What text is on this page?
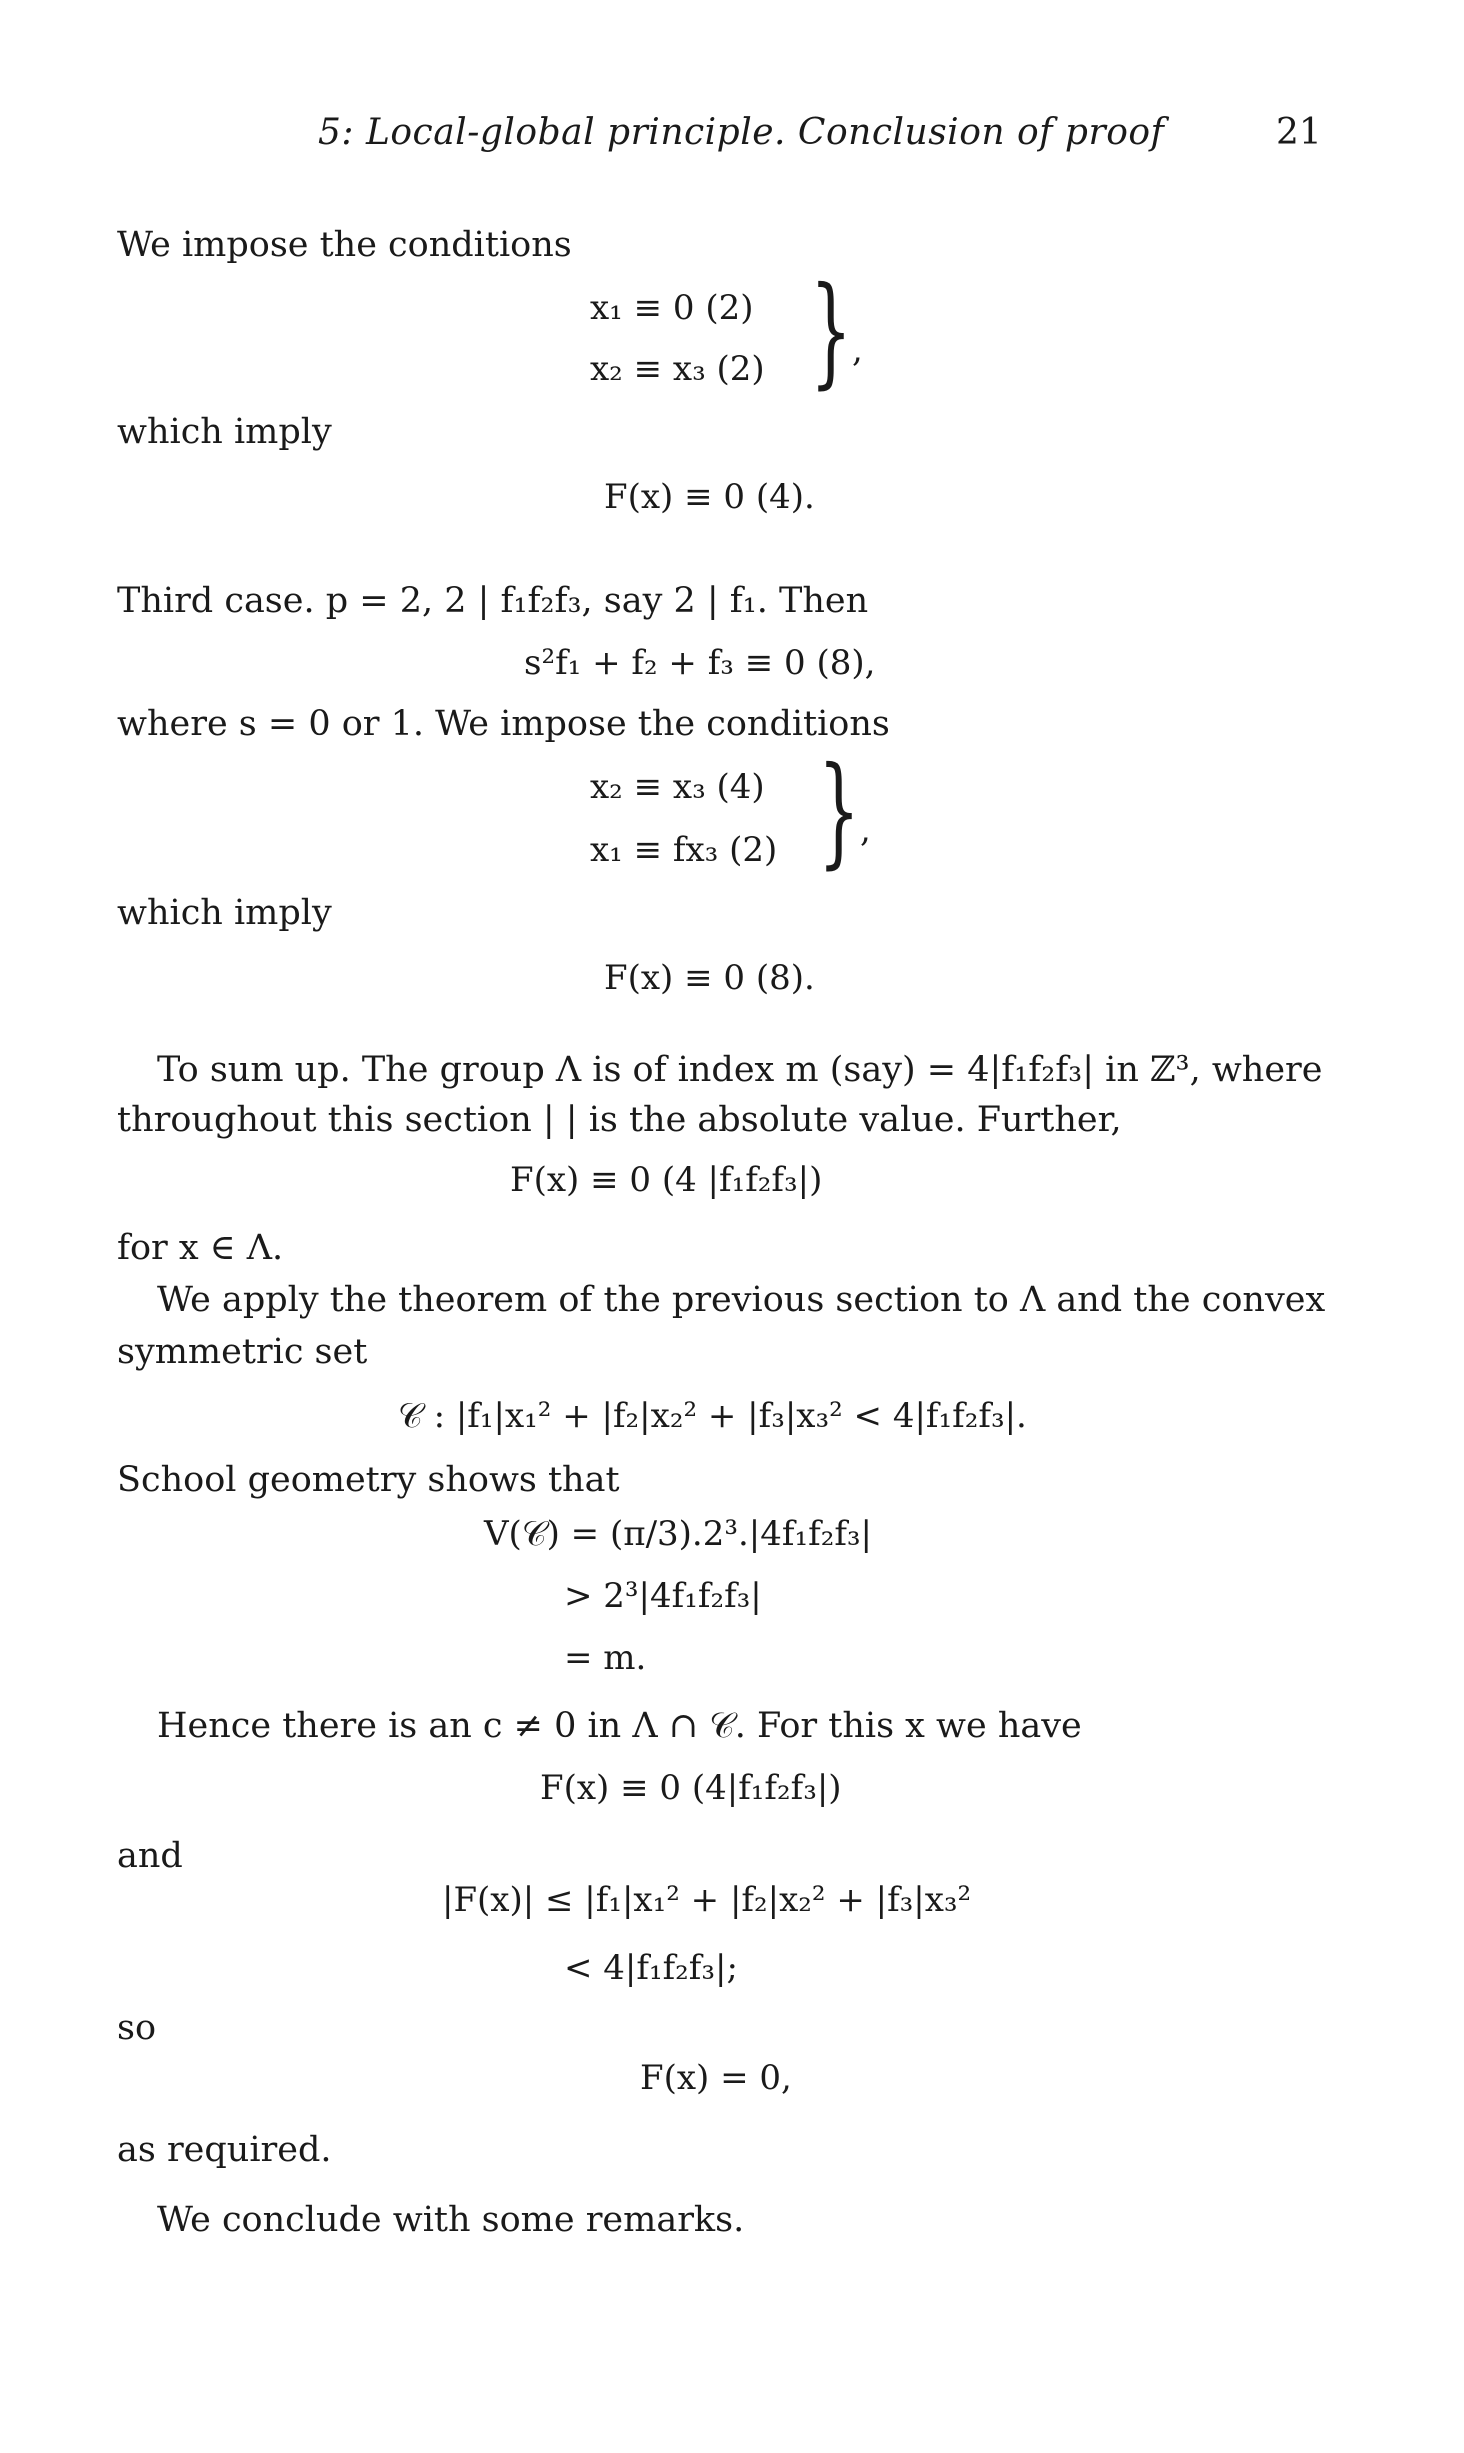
5: Local-global principle. Conclusion of proof	21
We impose the conditions
x₁ ≡ 0 (2)
x₂ ≡ x₃ (2) } ,
which imply
F(x) ≡ 0 (4).
Third case. p = 2, 2 | f₁f₂f₃, say 2 | f₁. Then
s²f₁ + f₂ + f₃ ≡ 0 (8),
where s = 0 or 1. We impose the conditions
x₂ ≡ x₃ (4)
x₁ ≡ fx₃ (2) } ,
which imply
F(x) ≡ 0 (8).
To sum up. The group Λ is of index m (say) = 4|f₁f₂f₃| in ℤ³, where
throughout this section | | is the absolute value. Further,
F(x) ≡ 0 (4 |f₁f₂f₃|)
for x ∈ Λ.
We apply the theorem of the previous section to Λ and the convex
symmetric set
𝒞 : |f₁|x₁² + |f₂|x₂² + |f₃|x₃² < 4|f₁f₂f₃|.
School geometry shows that
V(𝒞) = (π/3).2³.|4f₁f₂f₃|
> 2³|4f₁f₂f₃|
= m.
Hence there is an c ≠ 0 in Λ ∩ 𝒞. For this x we have
F(x) ≡ 0 (4|f₁f₂f₃|)
and
|F(x)| ≤ |f₁|x₁² + |f₂|x₂² + |f₃|x₃²
< 4|f₁f₂f₃|;
so
F(x) = 0,
as required.
We conclude with some remarks.
